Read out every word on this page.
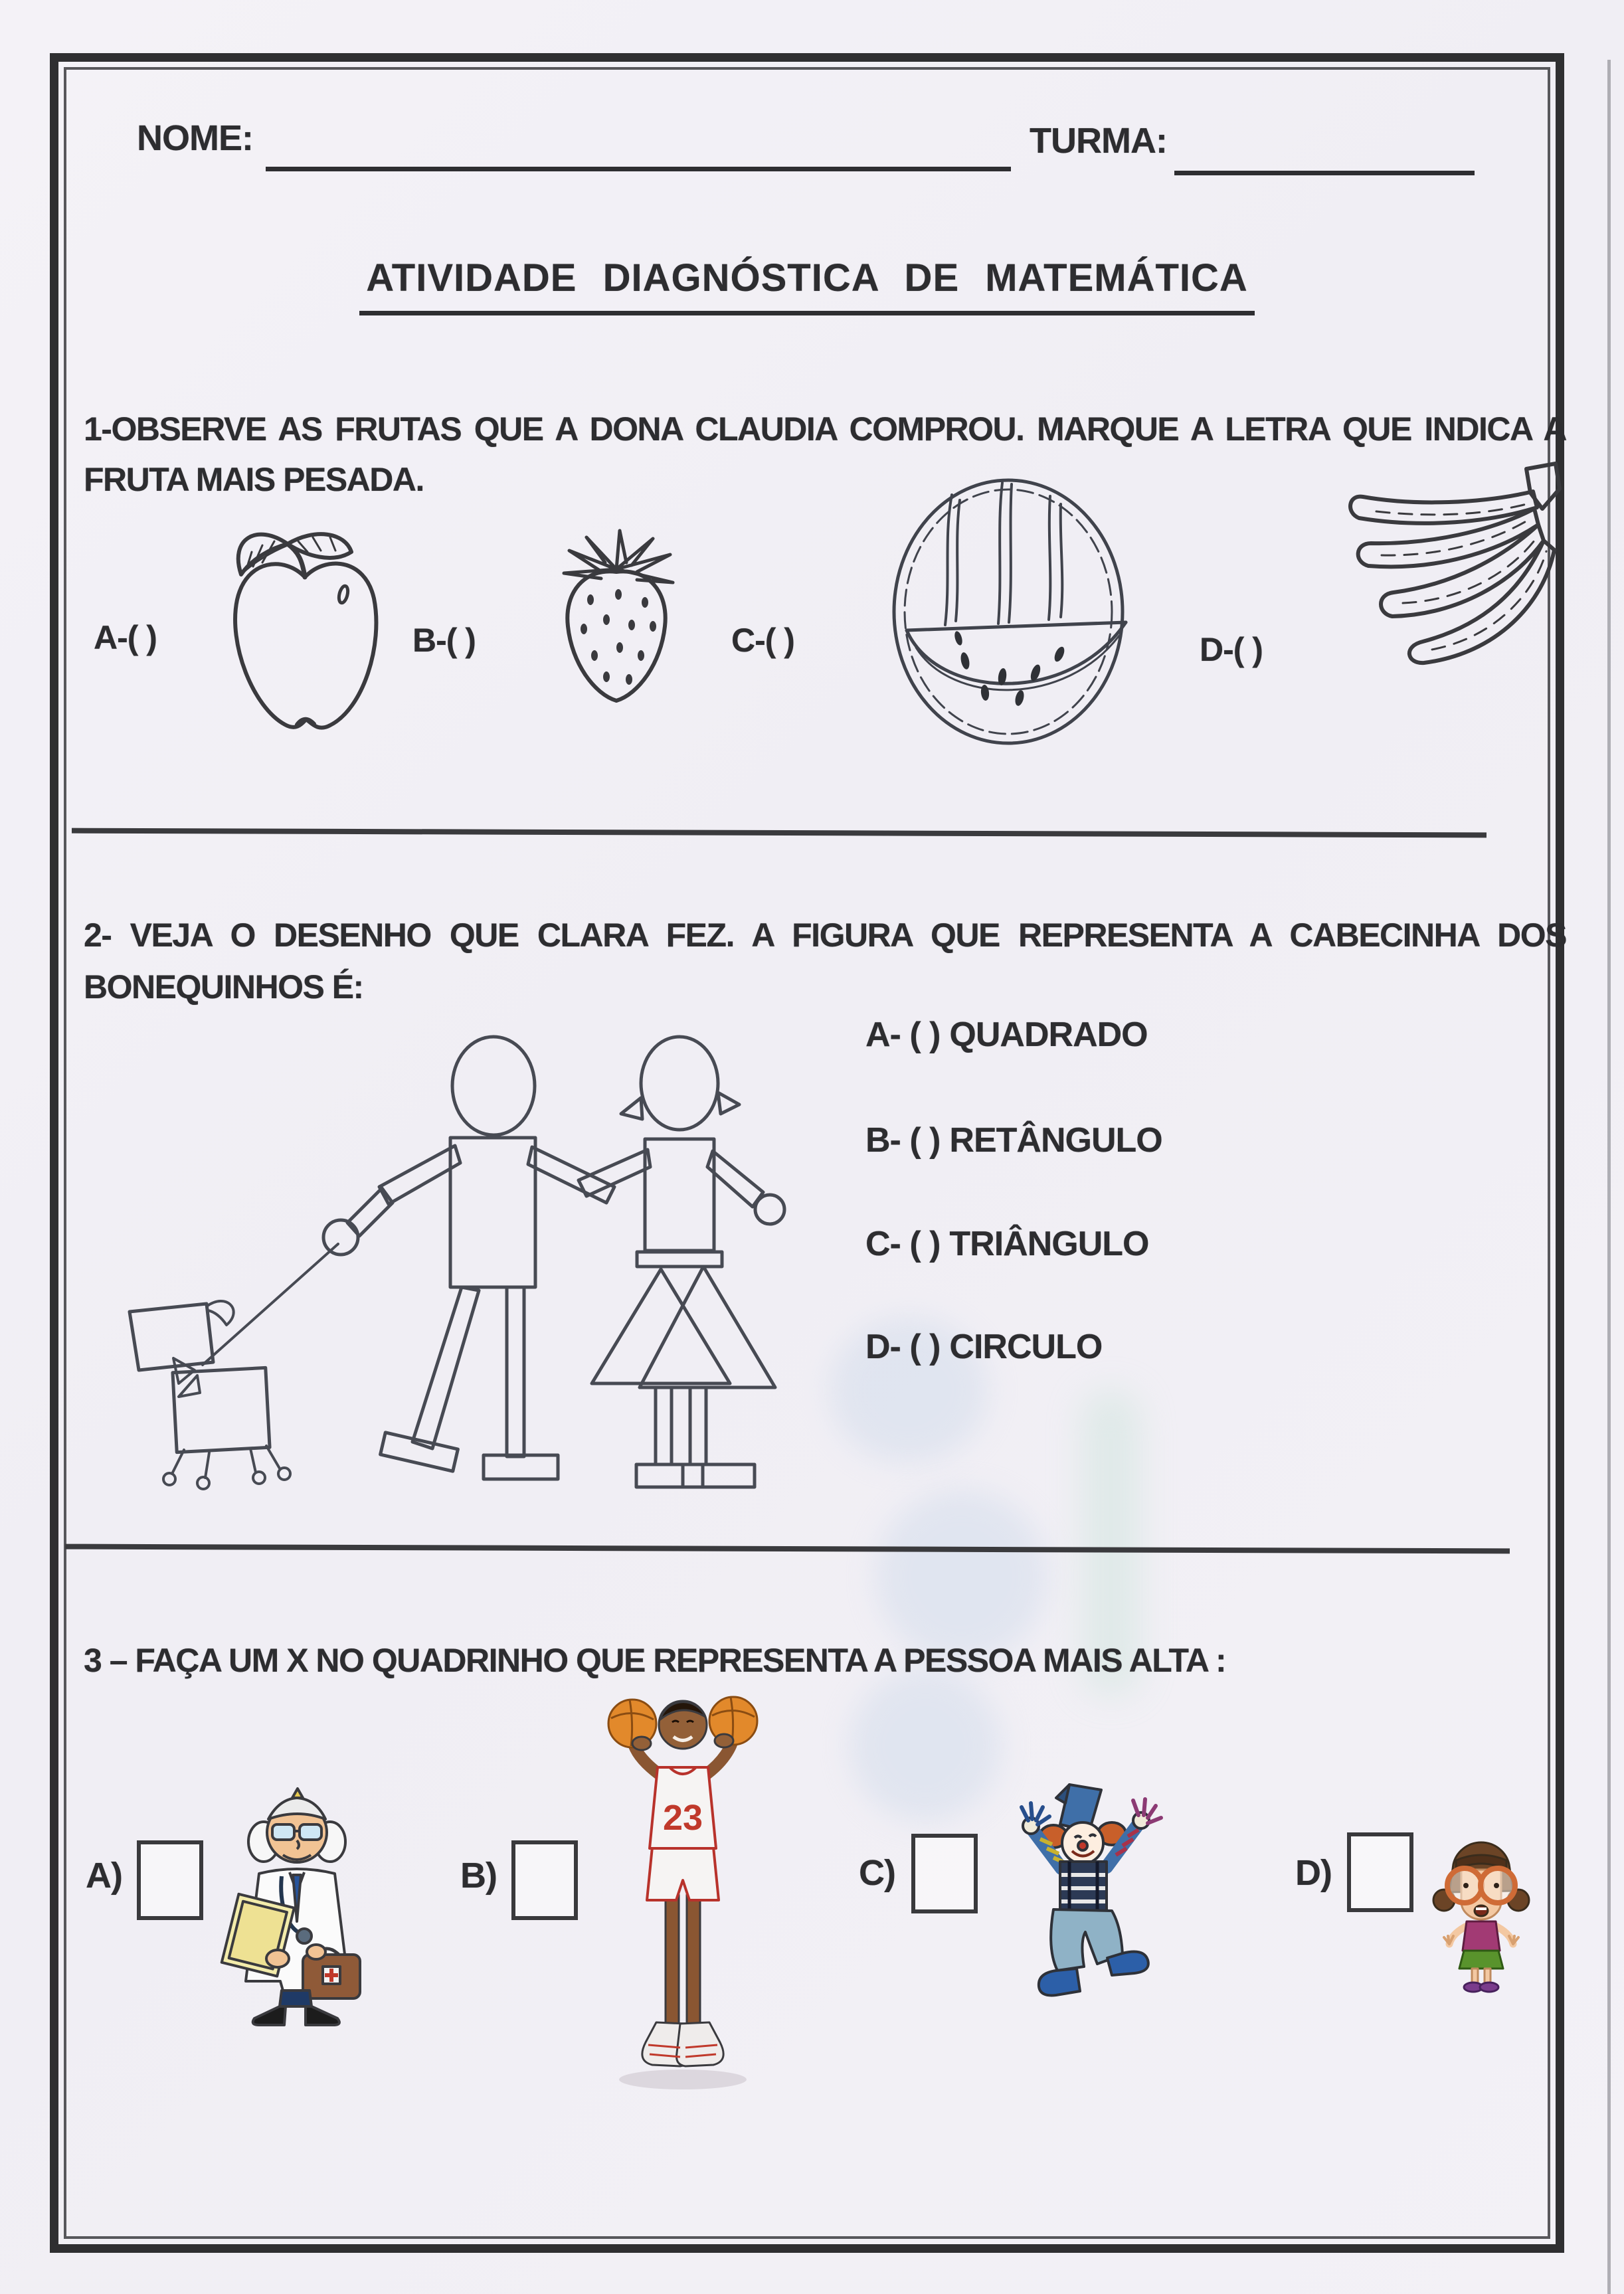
NOME:	TURMA:
ATIVIDADE DIAGNÓSTICA DE MATEMÁTICA
1-OBSERVE AS FRUTAS QUE A DONA CLAUDIA COMPROU. MARQUE A LETRA QUE INDICA A
FRUTA MAIS PESADA.
A-( )	B-( )	C-( )	D-( )
2- VEJA O DESENHO QUE CLARA FEZ. A FIGURA QUE REPRESENTA A CABECINHA DOS
BONEQUINHOS É:
A- ( ) QUADRADO
B- ( ) RETÂNGULO
C- ( ) TRIÂNGULO
D- ( ) CIRCULO
3 – FAÇA UM X NO QUADRINHO QUE REPRESENTA A PESSOA MAIS ALTA :
A)	B)
23
C)	D)
